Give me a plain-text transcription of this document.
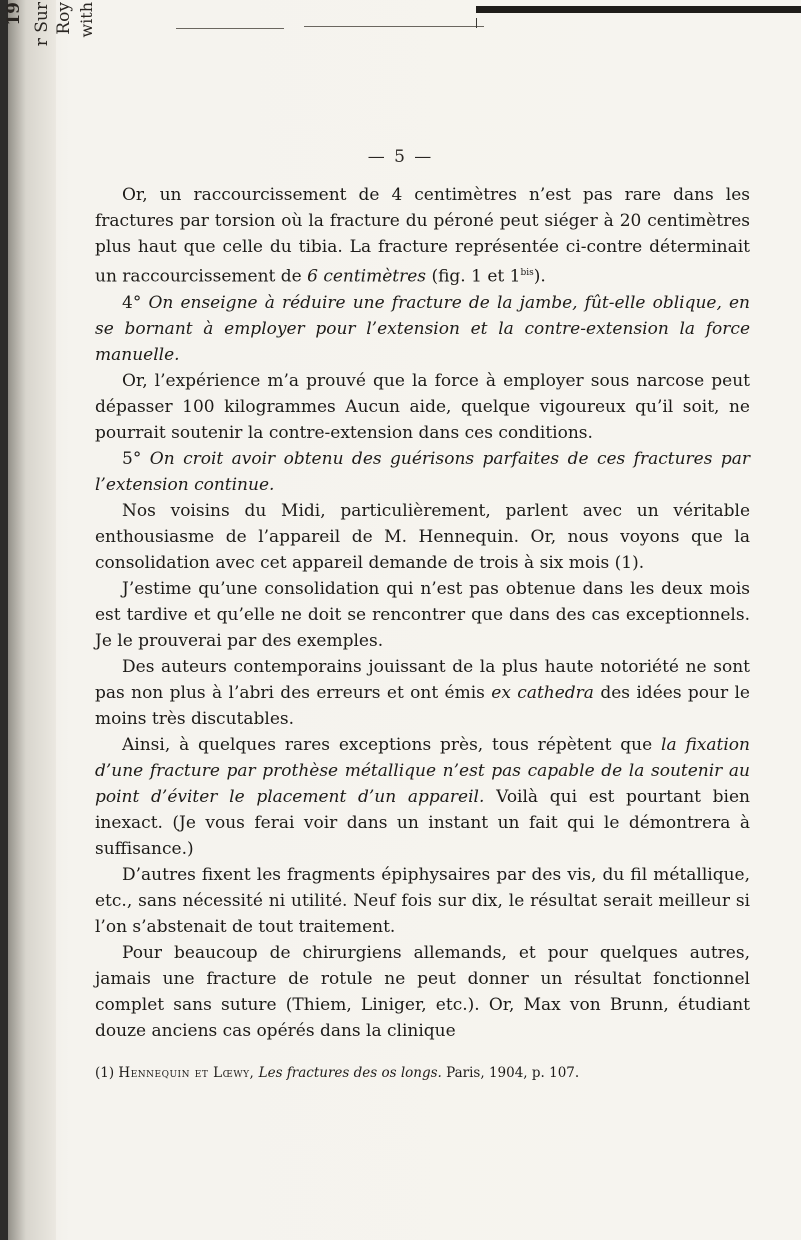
19 r Sur Roy with
— 5 —

Or, un raccourcissement de 4 centimètres n’est pas rare dans les fractures par torsion où la fracture du péroné peut siéger à 20 centimètres plus haut que celle du tibia. La fracture représentée ci-contre déterminait un raccourcissement de 6 centimètres (fig. 1 et $1^{bis}$).

4° On enseigne à réduire une fracture de la jambe, fût-elle oblique, en se bornant à employer pour l’extension et la contre-extension la force manuelle.

Or, l’expérience m’a prouvé que la force à employer sous narcose peut dépasser 100 kilogrammes Aucun aide, quelque vigoureux qu’il soit, ne pourrait soutenir la contre-extension dans ces conditions.

5° On croit avoir obtenu des guérisons parfaites de ces fractures par l’extension continue.

Nos voisins du Midi, particulièrement, parlent avec un véritable enthousiasme de l’appareil de M. Hennequin. Or, nous voyons que la consolidation avec cet appareil demande de trois à six mois (1).

J’estime qu’une consolidation qui n’est pas obtenue dans les deux mois est tardive et qu’elle ne doit se rencontrer que dans des cas exceptionnels. Je le prouverai par des exemples.

Des auteurs contemporains jouissant de la plus haute notoriété ne sont pas non plus à l’abri des erreurs et ont émis ex cathedra des idées pour le moins très discutables.

Ainsi, à quelques rares exceptions près, tous répètent que la fixation d’une fracture par prothèse métallique n’est pas capable de la soutenir au point d’éviter le placement d’un appareil. Voilà qui est pourtant bien inexact. (Je vous ferai voir dans un instant un fait qui le démontrera à suffisance.)

D’autres fixent les fragments épiphysaires par des vis, du fil métallique, etc., sans nécessité ni utilité. Neuf fois sur dix, le résultat serait meilleur si l’on s’abstenait de tout traitement.

Pour beaucoup de chirurgiens allemands, et pour quelques autres, jamais une fracture de rotule ne peut donner un résultat fonctionnel complet sans suture (Thiem, Liniger, etc.). Or, Max von Brunn, étudiant douze anciens cas opérés dans la clinique

(1) Hennequin et Lœwy, Les fractures des os longs. Paris, 1904, p. 107.
